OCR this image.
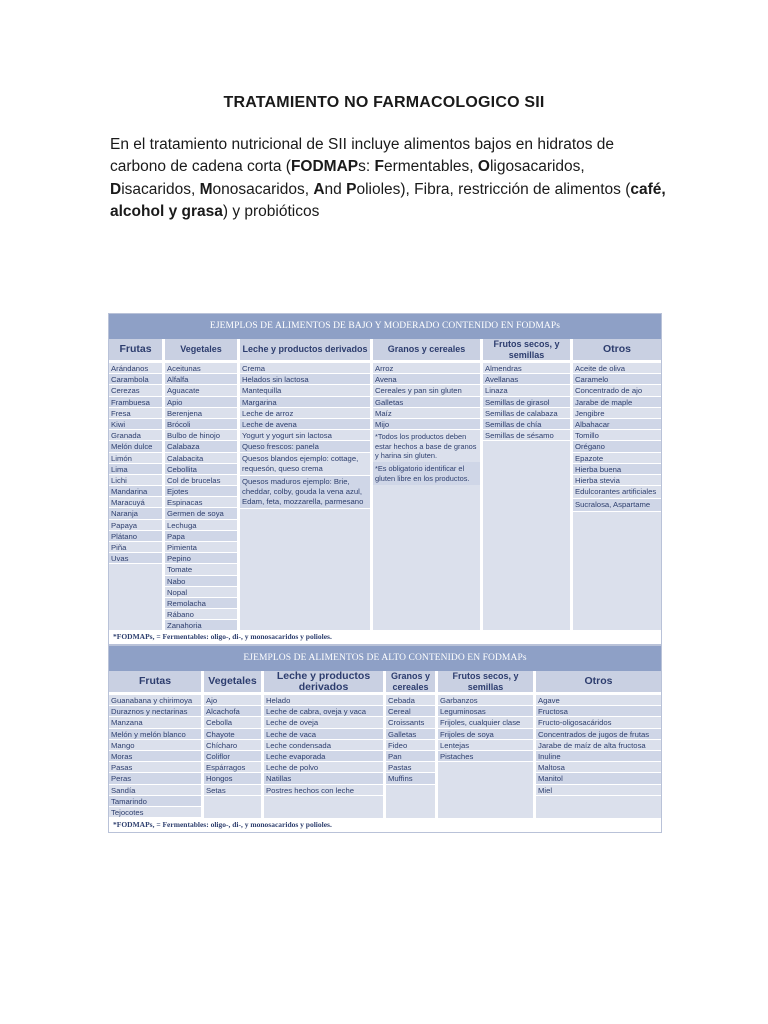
TRATAMIENTO NO FARMACOLOGICO SII
En el tratamiento nutricional de SII incluye alimentos bajos en hidratos de carbono de cadena corta (FODMAPs: Fermentables, Oligosacaridos, Disacaridos, Monosacaridos, And Polioles), Fibra, restricción de alimentos (café, alcohol y grasa) y probióticos
EJEMPLOS DE ALIMENTOS DE BAJO Y MODERADO CONTENIDO EN FODMAPs
Frutas
Arándanos
Carambola
Cerezas
Frambuesa
Fresa
Kiwi
Granada
Melón dulce
Limón
Lima
Lichi
Mandarina
Maracuyá
Naranja
Papaya
Plátano
Piña
Uvas
Vegetales
Aceitunas
Alfalfa
Aguacate
Apio
Berenjena
Brócoli
Bulbo de hinojo
Calabaza
Calabacita
Cebollita
Col de brucelas
Ejotes
Espinacas
Germen de soya
Lechuga
Papa
Pimienta
Pepino
Tomate
Nabo
Nopal
Remolacha
Rábano
Zanahoria
Leche y productos derivados
Crema
Helados sin lactosa
Mantequilla
Margarina
Leche de arroz
Leche de avena
Yogurt y yogurt sin lactosa
Queso frescos: panela
Quesos blandos ejemplo: cottage, requesón, queso crema
Quesos maduros ejemplo: Brie, cheddar, colby, gouda la vena azul, Edam, feta, mozzarella, parmesano
Granos y cereales
Arroz
Avena
Cereales y pan sin gluten
Galletas
Maíz
Mijo
*Todos los productos deben estar hechos a base de granos y harina sin gluten.
*Es obligatorio identificar el gluten libre en los productos.
Frutos secos, y semillas
Almendras
Avellanas
Linaza
Semillas de girasol
Semillas de calabaza
Semillas de chía
Semillas de sésamo
Otros
Aceite de oliva
Caramelo
Concentrado de ajo
Jarabe de maple
Jengibre
Albahacar
Tomillo
Orégano
Epazote
Hierba buena
Hierba stevia
Edulcorantes artificiales
Sucralosa, Aspartame
*FODMAPs, = Fermentables: oligo-, di-, y monosacaridos y polioles.
EJEMPLOS DE ALIMENTOS DE ALTO CONTENIDO EN FODMAPs
Frutas
Guanabana y chirimoya
Duraznos y nectarinas
Manzana
Melón y melón blanco
Mango
Moras
Pasas
Peras
Sandía
Tamarindo
Tejocotes
Vegetales
Ajo
Alcachofa
Cebolla
Chayote
Chícharo
Coliflor
Espárragos
Hongos
Setas
Leche y productos derivados
Helado
Leche de cabra, oveja y vaca
Leche de oveja
Leche de vaca
Leche condensada
Leche evaporada
Leche de polvo
Natillas
Postres hechos con leche
Granos y cereales
Cebada
Cereal
Croissants
Galletas
Fideo
Pan
Pastas
Muffins
Frutos secos, y semillas
Garbanzos
Leguminosas
Frijoles, cualquier clase
Frijoles de soya
Lentejas
Pistaches
Otros
Agave
Fructosa
Fructo-oligosacáridos
Concentrados de jugos de frutas
Jarabe de maíz de alta fructosa
Inuline
Maltosa
Manitol
Miel
*FODMAPs, = Fermentables: oligo-, di-, y monosacaridos y polioles.
